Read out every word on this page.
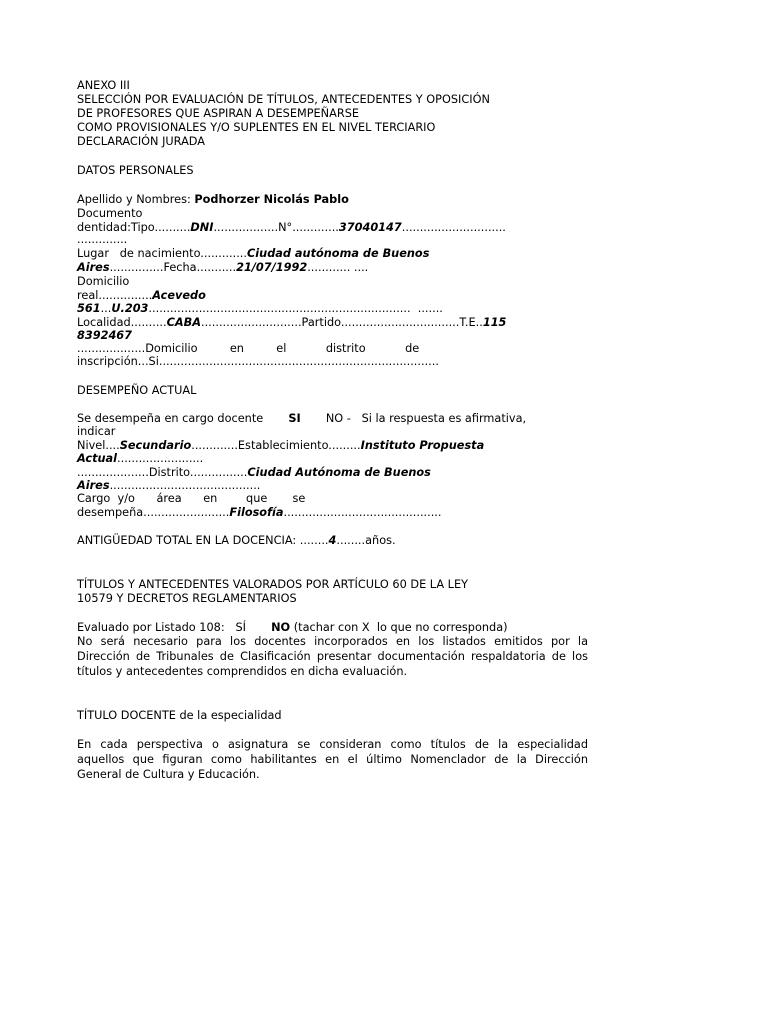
ANEXO III
SELECCIÓN POR EVALUACIÓN DE TÍTULOS, ANTECEDENTES Y OPOSICIÓN
DE PROFESORES QUE ASPIRAN A DESEMPEÑARSE
COMO PROVISIONALES Y/O SUPLENTES EN EL NIVEL TERCIARIO
DECLARACIÓN JURADA
DATOS PERSONALES
Apellido y Nombres: Podhorzer Nicolás Pablo
Documento
dentidad:Tipo..........DNI..................N°.............37040147.............................
..............
Lugar   de nacimiento.............Ciudad autónoma de Buenos
Aires...............Fecha...........21/07/1992............ ....
Domicilio
real...............Acevedo
561...U.203.........................................................................  .......
Localidad..........CABA............................Partido.................................T.E..115
8392467
...................Domicilio         en         el           distrito           de
inscripción...Si..............................................................................
DESEMPEÑO ACTUAL
Se desempeña en cargo docente       SI       NO -   Si la respuesta es afirmativa,
indicar
Nivel....Secundario.............Establecimiento.........Instituto Propuesta
Actual........................
....................Distrito................Ciudad Autónoma de Buenos
Aires..........................................
Cargo  y/o      área      en        que       se
desempeña........................Filosofía............................................
ANTIGÜEDAD TOTAL EN LA DOCENCIA: ........4........años.
TÍTULOS Y ANTECEDENTES VALORADOS POR ARTÍCULO 60 DE LA LEY
10579 Y DECRETOS REGLAMENTARIOS
Evaluado por Listado 108:   SÍ       NO (tachar con X  lo que no corresponda)
No será necesario para los docentes incorporados en los listados emitidos por la
Dirección de Tribunales de Clasificación presentar documentación respaldatoria de los
títulos y antecedentes comprendidos en dicha evaluación.
TÍTULO DOCENTE de la especialidad
En cada perspectiva o asignatura se consideran como títulos de la especialidad
aquellos que figuran como habilitantes en el último Nomenclador de la Dirección
General de Cultura y Educación.
